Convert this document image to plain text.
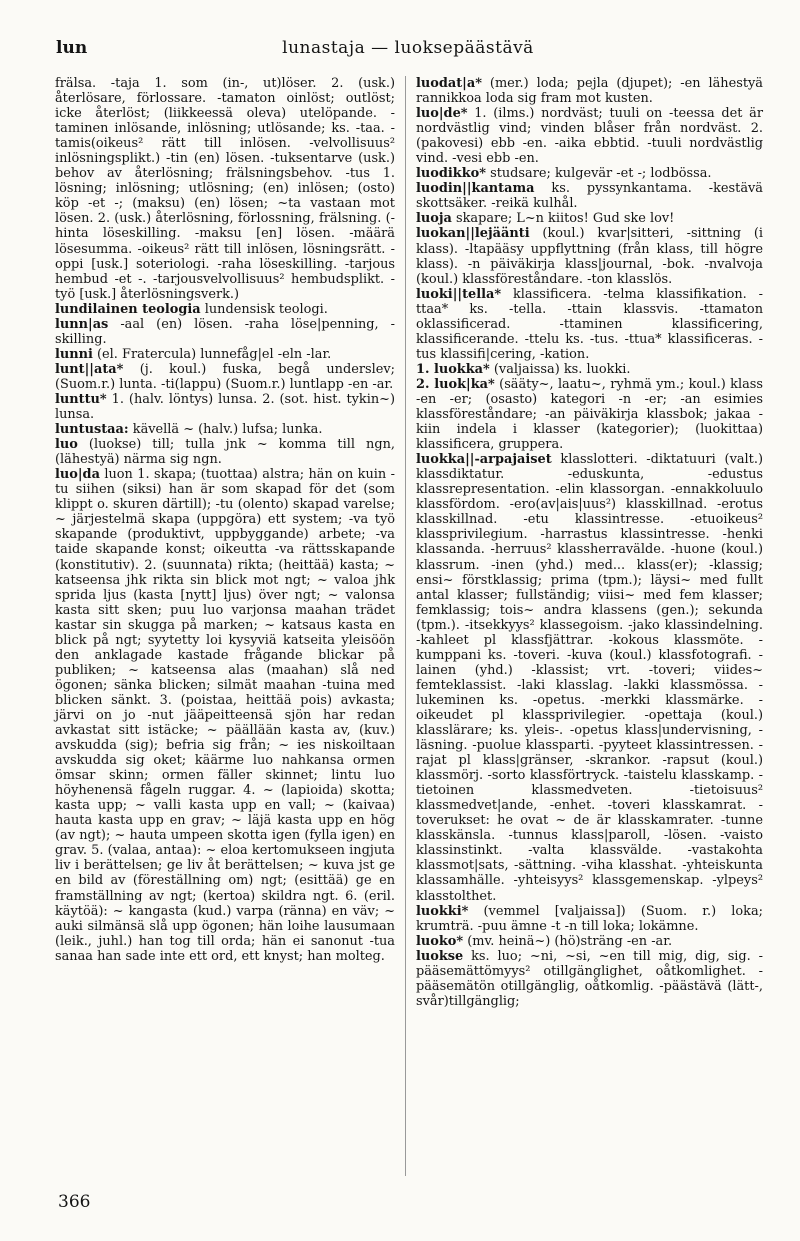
lun	lunastaja — luoksepäästävä

frälsa. -taja 1. som (in-, ut)löser. 2. (usk.) återlösare, förlossare. -tamaton oinlöst; outlöst; icke återlöst; (liikkeessä oleva) utelöpande. -taminen inlösande, inlösning; utlösande; ks. -taa. -tamis(oikeus² rätt till inlösen. -velvollisuus² inlösningsplikt.) -tin (en) lösen. -tuksentarve (usk.) behov av återlösning; frälsningsbehov. -tus 1. lösning; inlösning; utlösning; (en) inlösen; (osto) köp -et -; (maksu) (en) lösen; ~ta vastaan mot lösen. 2. (usk.) återlösning, förlossning, frälsning. (-hinta löseskilling. -maksu [en] lösen. -määrä lösesumma. -oikeus² rätt till inlösen, lösningsrätt. -oppi [usk.] soteriologi. -raha löseskilling. -tarjous hembud -et -. -tarjousvelvollisuus² hembudsplikt. -työ [usk.] återlösningsverk.)

lundilainen teologia lundensisk teologi.

lunn|as -aal (en) lösen. -raha löse|penning, -skilling.

lunni (el. Fratercula) lunnefåg|el -eln -lar.

lunt||ata* (j. koul.) fuska, begå underslev; (Suom.r.) lunta. -ti(lappu) (Suom.r.) luntlapp -en -ar.

lunttu* 1. (halv. löntys) lunsa. 2. (sot. hist. tykin~) lunsa.

luntustaa: kävellä ~ (halv.) lufsa; lunka.

luo (luokse) till; tulla jnk ~ komma till ngn, (lähestyä) närma sig ngn.

luo|da luon 1. skapa; (tuottaa) alstra; hän on kuin -tu siihen (siksi) han är som skapad för det (som klippt o. skuren därtill); -tu (olento) skapad varelse; ~ järjestelmä skapa (uppgöra) ett system; -va työ skapande (produktivt, uppbyggande) arbete; -va taide skapande konst; oikeutta -va rättsskapande (konstitutiv). 2. (suunnata) rikta; (heittää) kasta; ~ katseensa jhk rikta sin blick mot ngt; ~ valoa jhk sprida ljus (kasta [nytt] ljus) över ngt; ~ valonsa kasta sitt sken; puu luo varjonsa maahan trädet kastar sin skugga på marken; ~ katsaus kasta en blick på ngt; syytetty loi kysyviä katseita yleisöön den anklagade kastade frågande blickar på publiken; ~ katseensa alas (maahan) slå ned ögonen; sänka blicken; silmät maahan -tuina med blicken sänkt. 3. (poistaa, heittää pois) avkasta; järvi on jo -nut jääpeitteensä sjön har redan avkastat sitt istäcke; ~ päällään kasta av, (kuv.) avskudda (sig); befria sig från; ~ ies niskoiltaan avskudda sig oket; käärme luo nahkansa ormen ömsar skinn; ormen fäller skinnet; lintu luo höyhenensä fågeln ruggar. 4. ~ (lapioida) skotta; kasta upp; ~ valli kasta upp en vall; ~ (kaivaa) hauta kasta upp en grav; ~ läjä kasta upp en hög (av ngt); ~ hauta umpeen skotta igen (fylla igen) en grav. 5. (valaa, antaa): ~ eloa kertomukseen ingjuta liv i berättelsen; ge liv åt berättelsen; ~ kuva jst ge en bild av (föreställning om) ngt; (esittää) ge en framställning av ngt; (kertoa) skildra ngt. 6. (eril. käytöä): ~ kangasta (kud.) varpa (ränna) en väv; ~ auki silmänsä slå upp ögonen; hän loihe lausumaan (leik., juhl.) han tog till orda; hän ei sanonut -tua sanaa han sade inte ett ord, ett knyst; han molteg.

luodat|a* (mer.) loda; pejla (djupet); -en lähestyä rannikkoa loda sig fram mot kusten.

luo|de* 1. (ilms.) nordväst; tuuli on -teessa det är nordvästlig vind; vinden blåser från nordväst. 2. (pakovesi) ebb -en. -aika ebbtid. -tuuli nordvästlig vind. -vesi ebb -en.

luodikko* studsare; kulgevär -et -; lodbössa.

luodin||kantama ks. pyssynkantama. -kestävä skottsäker. -reikä kulhål.

luoja skapare; L~n kiitos! Gud ske lov!

luokan||lejäänti (koul.) kvar|sitteri, -sittning (i klass). -ltapääsy uppflyttning (från klass, till högre klass). -n päiväkirja klass|journal, -bok. -nvalvoja (koul.) klassföreståndare. -ton klasslös.

luoki||tella* klassificera. -telma klassifikation. -ttaa* ks. -tella. -ttain klassvis. -ttamaton oklassificerad. -ttaminen klassificering, klassificerande. -ttelu ks. -tus. -ttua* klassificeras. -tus klassifi|cering, -kation.

1. luokka* (valjaissa) ks. luokki.

2. luok|ka* (sääty~, laatu~, ryhmä ym.; koul.) klass -en -er; (osasto) kategori -n -er; -an esimies klassföreståndare; -an päiväkirja klassbok; jakaa -kiin indela i klasser (kategorier); (luokittaa) klassificera, gruppera.

luokka||-arpajaiset klasslotteri. -diktatuuri (valt.) klassdiktatur. -eduskunta, -edustus klassrepresentation. -elin klassorgan. -ennakkoluulo klassfördom. -ero(av|ais|uus²) klasskillnad. -erotus klasskillnad. -etu klassintresse. -etuoikeus² klassprivilegium. -harrastus klassintresse. -henki klassanda. -herruus² klassherravälde. -huone (koul.) klassrum. -inen (yhd.) med... klass(er); -klassig; ensi~ förstklassig; prima (tpm.); läysi~ med fullt antal klasser; fullständig; viisi~ med fem klasser; femklassig; tois~ andra klassens (gen.); sekunda (tpm.). -itsekkyys² klassegoism. -jako klassindelning. -kahleet pl klassfjättrar. -kokous klassmöte. -kumppani ks. -toveri. -kuva (koul.) klassfotografi. -lainen (yhd.) -klassist; vrt. -toveri; viides~ femteklassist. -laki klasslag. -lakki klassmössa. -lukeminen ks. -opetus. -merkki klassmärke. -oikeudet pl klassprivilegier. -opettaja (koul.) klasslärare; ks. yleis-. -opetus klass|undervisning, -läsning. -puolue klassparti. -pyyteet klassintressen. -rajat pl klass|gränser, -skrankor. -rapsut (koul.) klassmörj. -sorto klassförtryck. -taistelu klasskamp. -tietoinen klassmedveten. -tietoisuus² klassmedvet|ande, -enhet. -toveri klasskamrat. -toverukset: he ovat ~ de är klasskamrater. -tunne klasskänsla. -tunnus klass|paroll, -lösen. -vaisto klassinstinkt. -valta klassvälde. -vastakohta klassmot|sats, -sättning. -viha klasshat. -yhteiskunta klassamhälle. -yhteisyys² klassgemenskap. -ylpeys² klasstolthet.

luokki* (vemmel [valjaissa]) (Suom. r.) loka; krumträ. -puu ämne -t -n till loka; lokämne.

luoko* (mv. heinä~) (hö)sträng -en -ar.

luokse ks. luo; ~ni, ~si, ~en till mig, dig, sig. -pääsemättömyys² otillgänglighet, oåtkomlighet. -pääsemätön otillgänglig, oåtkomlig. -päästävä (lätt-, svår)tillgänglig;

366
